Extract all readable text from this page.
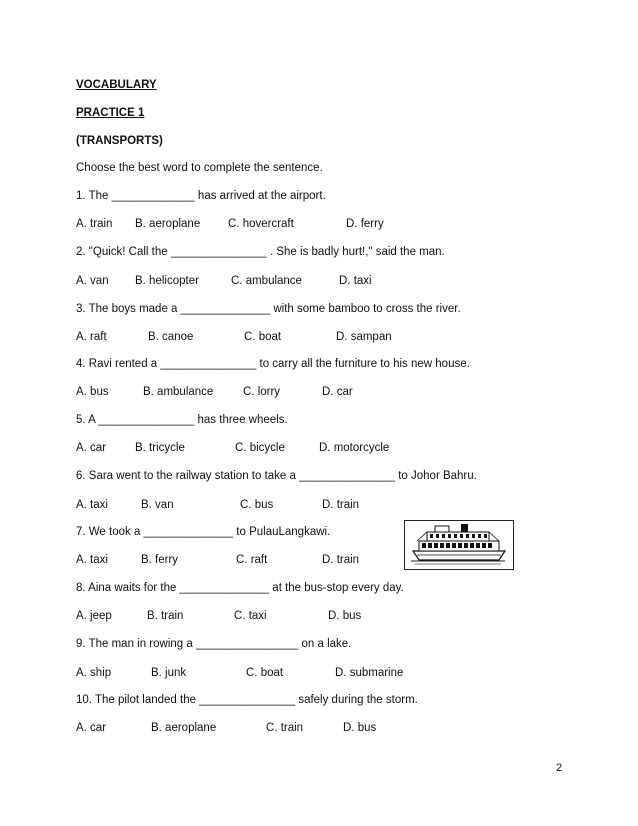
VOCABULARY
PRACTICE 1
(TRANSPORTS)
Choose the best word to complete the sentence.
1. The _____________ has arrived at the airport.
A. train B. aeroplane C. hovercraft	D. ferry
2. "Quick! Call the _______________ . She is badly hurt!," said the man.
A. van B. helicopter	C. ambulance	D. taxi
3. The boys made a ______________ with some bamboo to cross the river.
A. raft	B. canoe	C. boat	D. sampan
4. Ravi rented a _______________ to carry all the furniture to his new house.
A. bus	B. ambulance	C. lorry	D. car
5. A _______________ has three wheels.
A. car	B. tricycle	C. bicycle	D. motorcycle
6. Sara went to the railway station to take a _______________ to Johor Bahru.
A. taxi	B. van	C. bus	D. train
7. We took a ______________ to PulauLangkawi.
A. taxi	B. ferry	C. raft	D. train
8. Aina waits for the ______________ at the bus-stop every day.
A. jeep	B. train	C. taxi	D. bus
9. The man in rowing a ________________ on a lake.
A. ship	B. junk	C. boat	D. submarine
10. The pilot landed the _______________ safely during the storm.
A. car	B. aeroplane	C. train	D. bus
2
